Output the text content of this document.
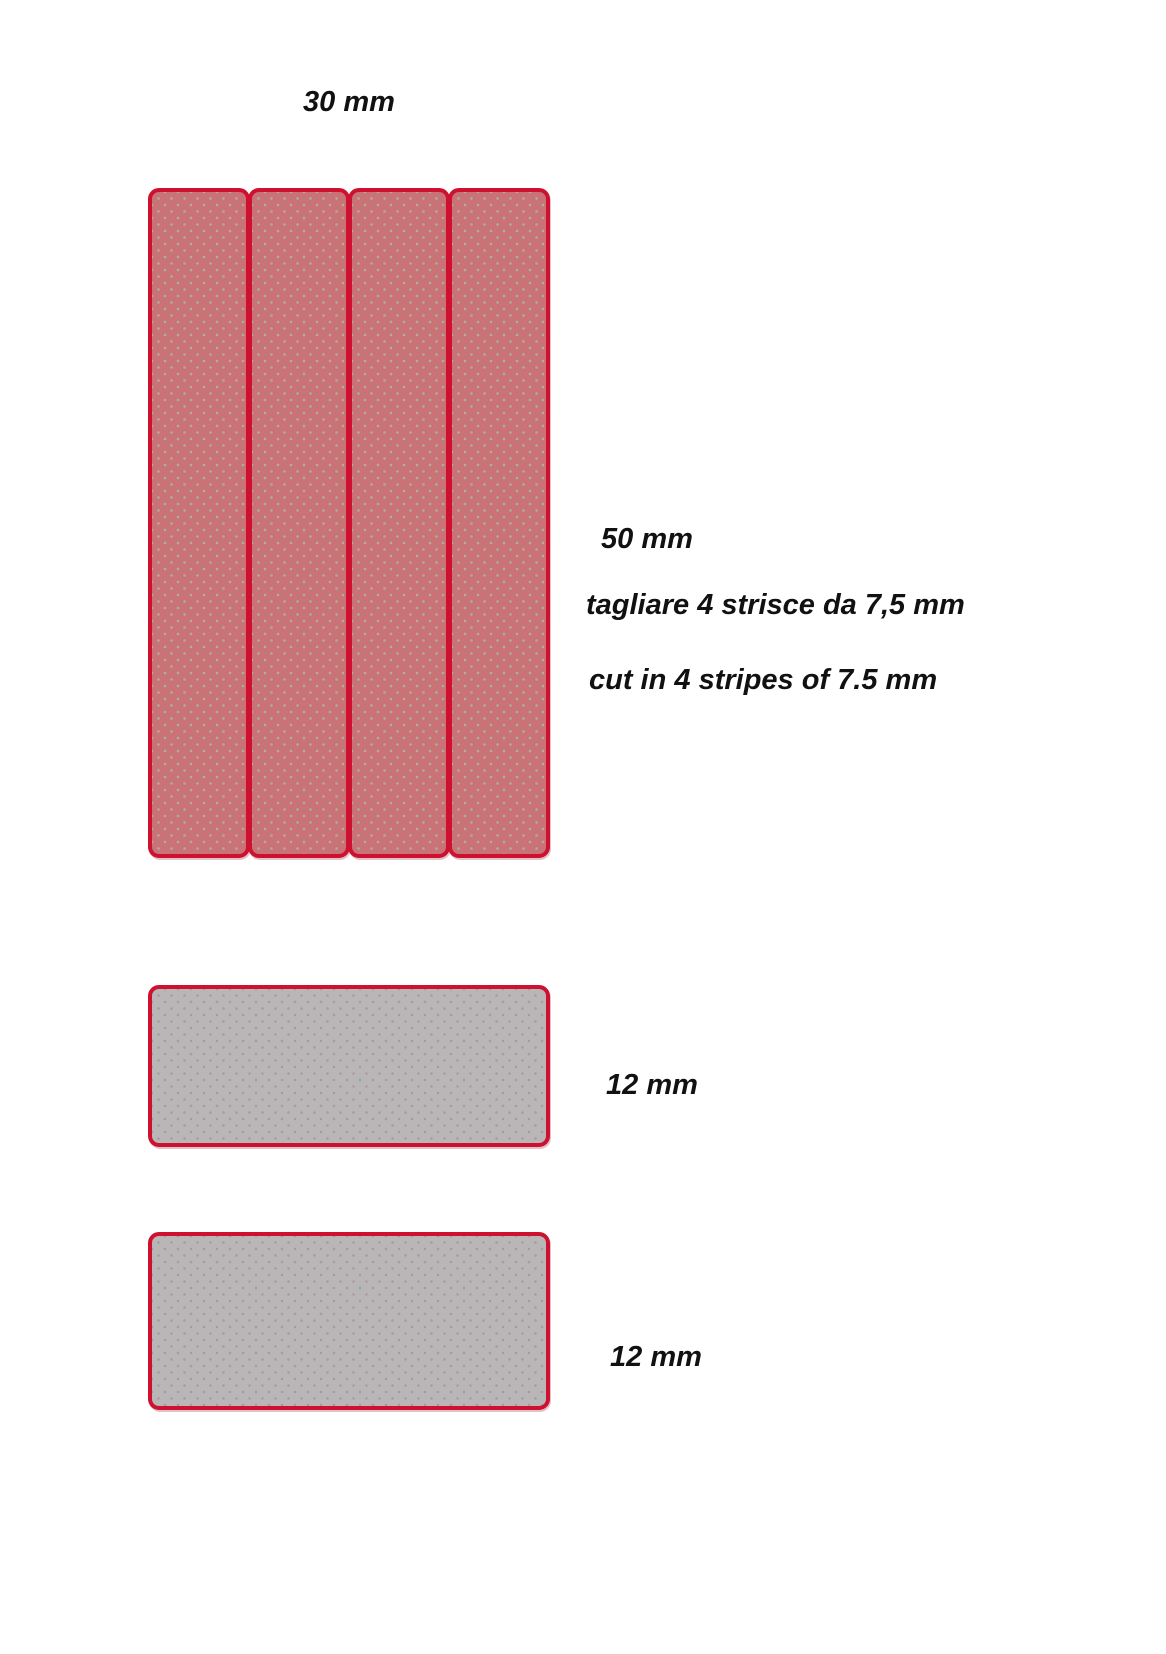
30 mm
50 mm
tagliare 4 strisce da 7,5 mm
cut in 4 stripes of 7.5 mm
12 mm
12 mm
